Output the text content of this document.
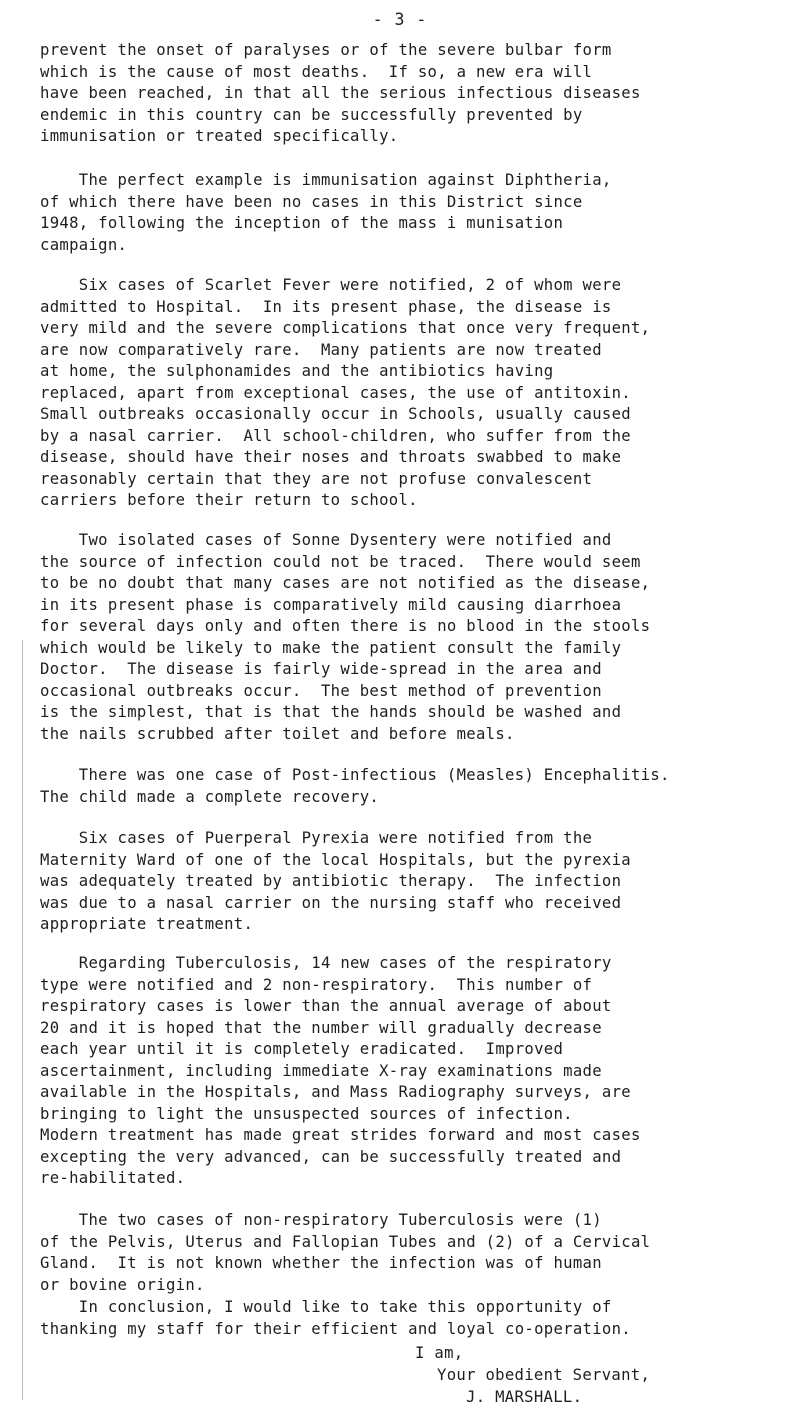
- 3 -

prevent the onset of paralyses or of the severe bulbar form
which is the cause of most deaths.  If so, a new era will
have been reached, in that all the serious infectious diseases
endemic in this country can be successfully prevented by
immunisation or treated specifically.

The perfect example is immunisation against Diphtheria,
of which there have been no cases in this District since
1948, following the inception of the mass i munisation
campaign.

Six cases of Scarlet Fever were notified, 2 of whom were
admitted to Hospital.  In its present phase, the disease is
very mild and the severe complications that once very frequent,
are now comparatively rare.  Many patients are now treated
at home, the sulphonamides and the antibiotics having
replaced, apart from exceptional cases, the use of antitoxin.
Small outbreaks occasionally occur in Schools, usually caused
by a nasal carrier.  All school-children, who suffer from the
disease, should have their noses and throats swabbed to make
reasonably certain that they are not profuse convalescent
carriers before their return to school.

Two isolated cases of Sonne Dysentery were notified and
the source of infection could not be traced.  There would seem
to be no doubt that many cases are not notified as the disease,
in its present phase is comparatively mild causing diarrhoea
for several days only and often there is no blood in the stools
which would be likely to make the patient consult the family
Doctor.  The disease is fairly wide-spread in the area and
occasional outbreaks occur.  The best method of prevention
is the simplest, that is that the hands should be washed and
the nails scrubbed after toilet and before meals.

There was one case of Post-infectious (Measles) Encephalitis.
The child made a complete recovery.

Six cases of Puerperal Pyrexia were notified from the
Maternity Ward of one of the local Hospitals, but the pyrexia
was adequately treated by antibiotic therapy.  The infection
was due to a nasal carrier on the nursing staff who received
appropriate treatment.

Regarding Tuberculosis, 14 new cases of the respiratory
type were notified and 2 non-respiratory.  This number of
respiratory cases is lower than the annual average of about
20 and it is hoped that the number will gradually decrease
each year until it is completely eradicated.  Improved
ascertainment, including immediate X-ray examinations made
available in the Hospitals, and Mass Radiography surveys, are
bringing to light the unsuspected sources of infection.
Modern treatment has made great strides forward and most cases
excepting the very advanced, can be successfully treated and
re-habilitated.

The two cases of non-respiratory Tuberculosis were (1)
of the Pelvis, Uterus and Fallopian Tubes and (2) of a Cervical
Gland.  It is not known whether the infection was of human
or bovine origin.

In conclusion, I would like to take this opportunity of
thanking my staff for their efficient and loyal co-operation.

I am,

Your obedient Servant,

J. MARSHALL.
